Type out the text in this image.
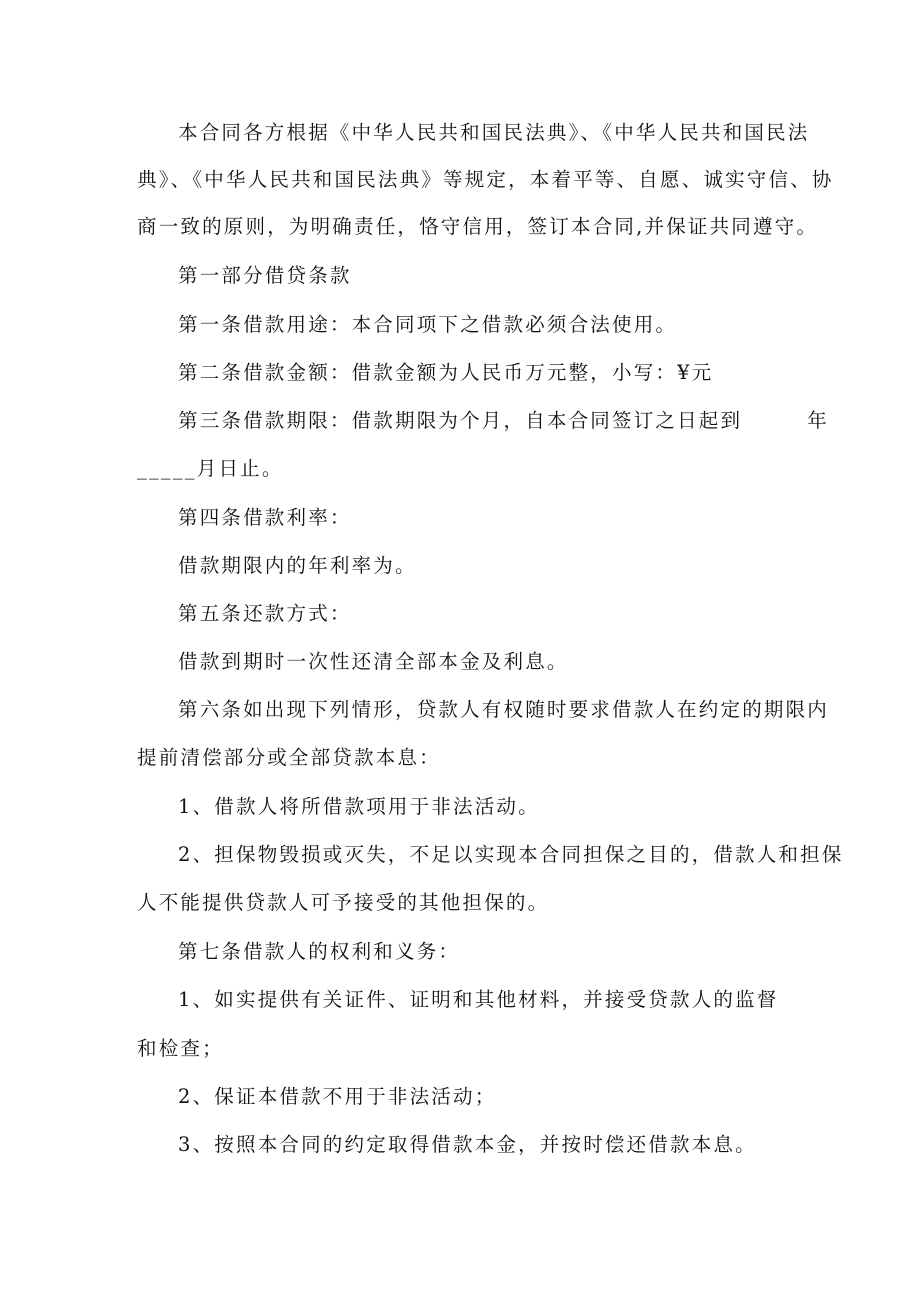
本合同各方根据《中华人民共和国民法典》、《中华人民共和国民法
典》、《中华人民共和国民法典》等规定，本着平等、自愿、诚实守信、协
商一致的原则，为明确责任，恪守信用，签订本合同,并保证共同遵守。
第一部分借贷条款
第一条借款用途：本合同项下之借款必须合法使用。
第二条借款金额：借款金额为人民币万元整，小写：¥元
第三条借款期限：借款期限为个月，自本合同签订之日起到　　　年
_____月日止。
第四条借款利率：
借款期限内的年利率为。
第五条还款方式：
借款到期时一次性还清全部本金及利息。
第六条如出现下列情形，贷款人有权随时要求借款人在约定的期限内
提前清偿部分或全部贷款本息：
1、借款人将所借款项用于非法活动。
2、担保物毁损或灭失，不足以实现本合同担保之目的，借款人和担保
人不能提供贷款人可予接受的其他担保的。
第七条借款人的权利和义务：
1、如实提供有关证件、证明和其他材料，并接受贷款人的监督
和检查；
2、保证本借款不用于非法活动；
3、按照本合同的约定取得借款本金，并按时偿还借款本息。
